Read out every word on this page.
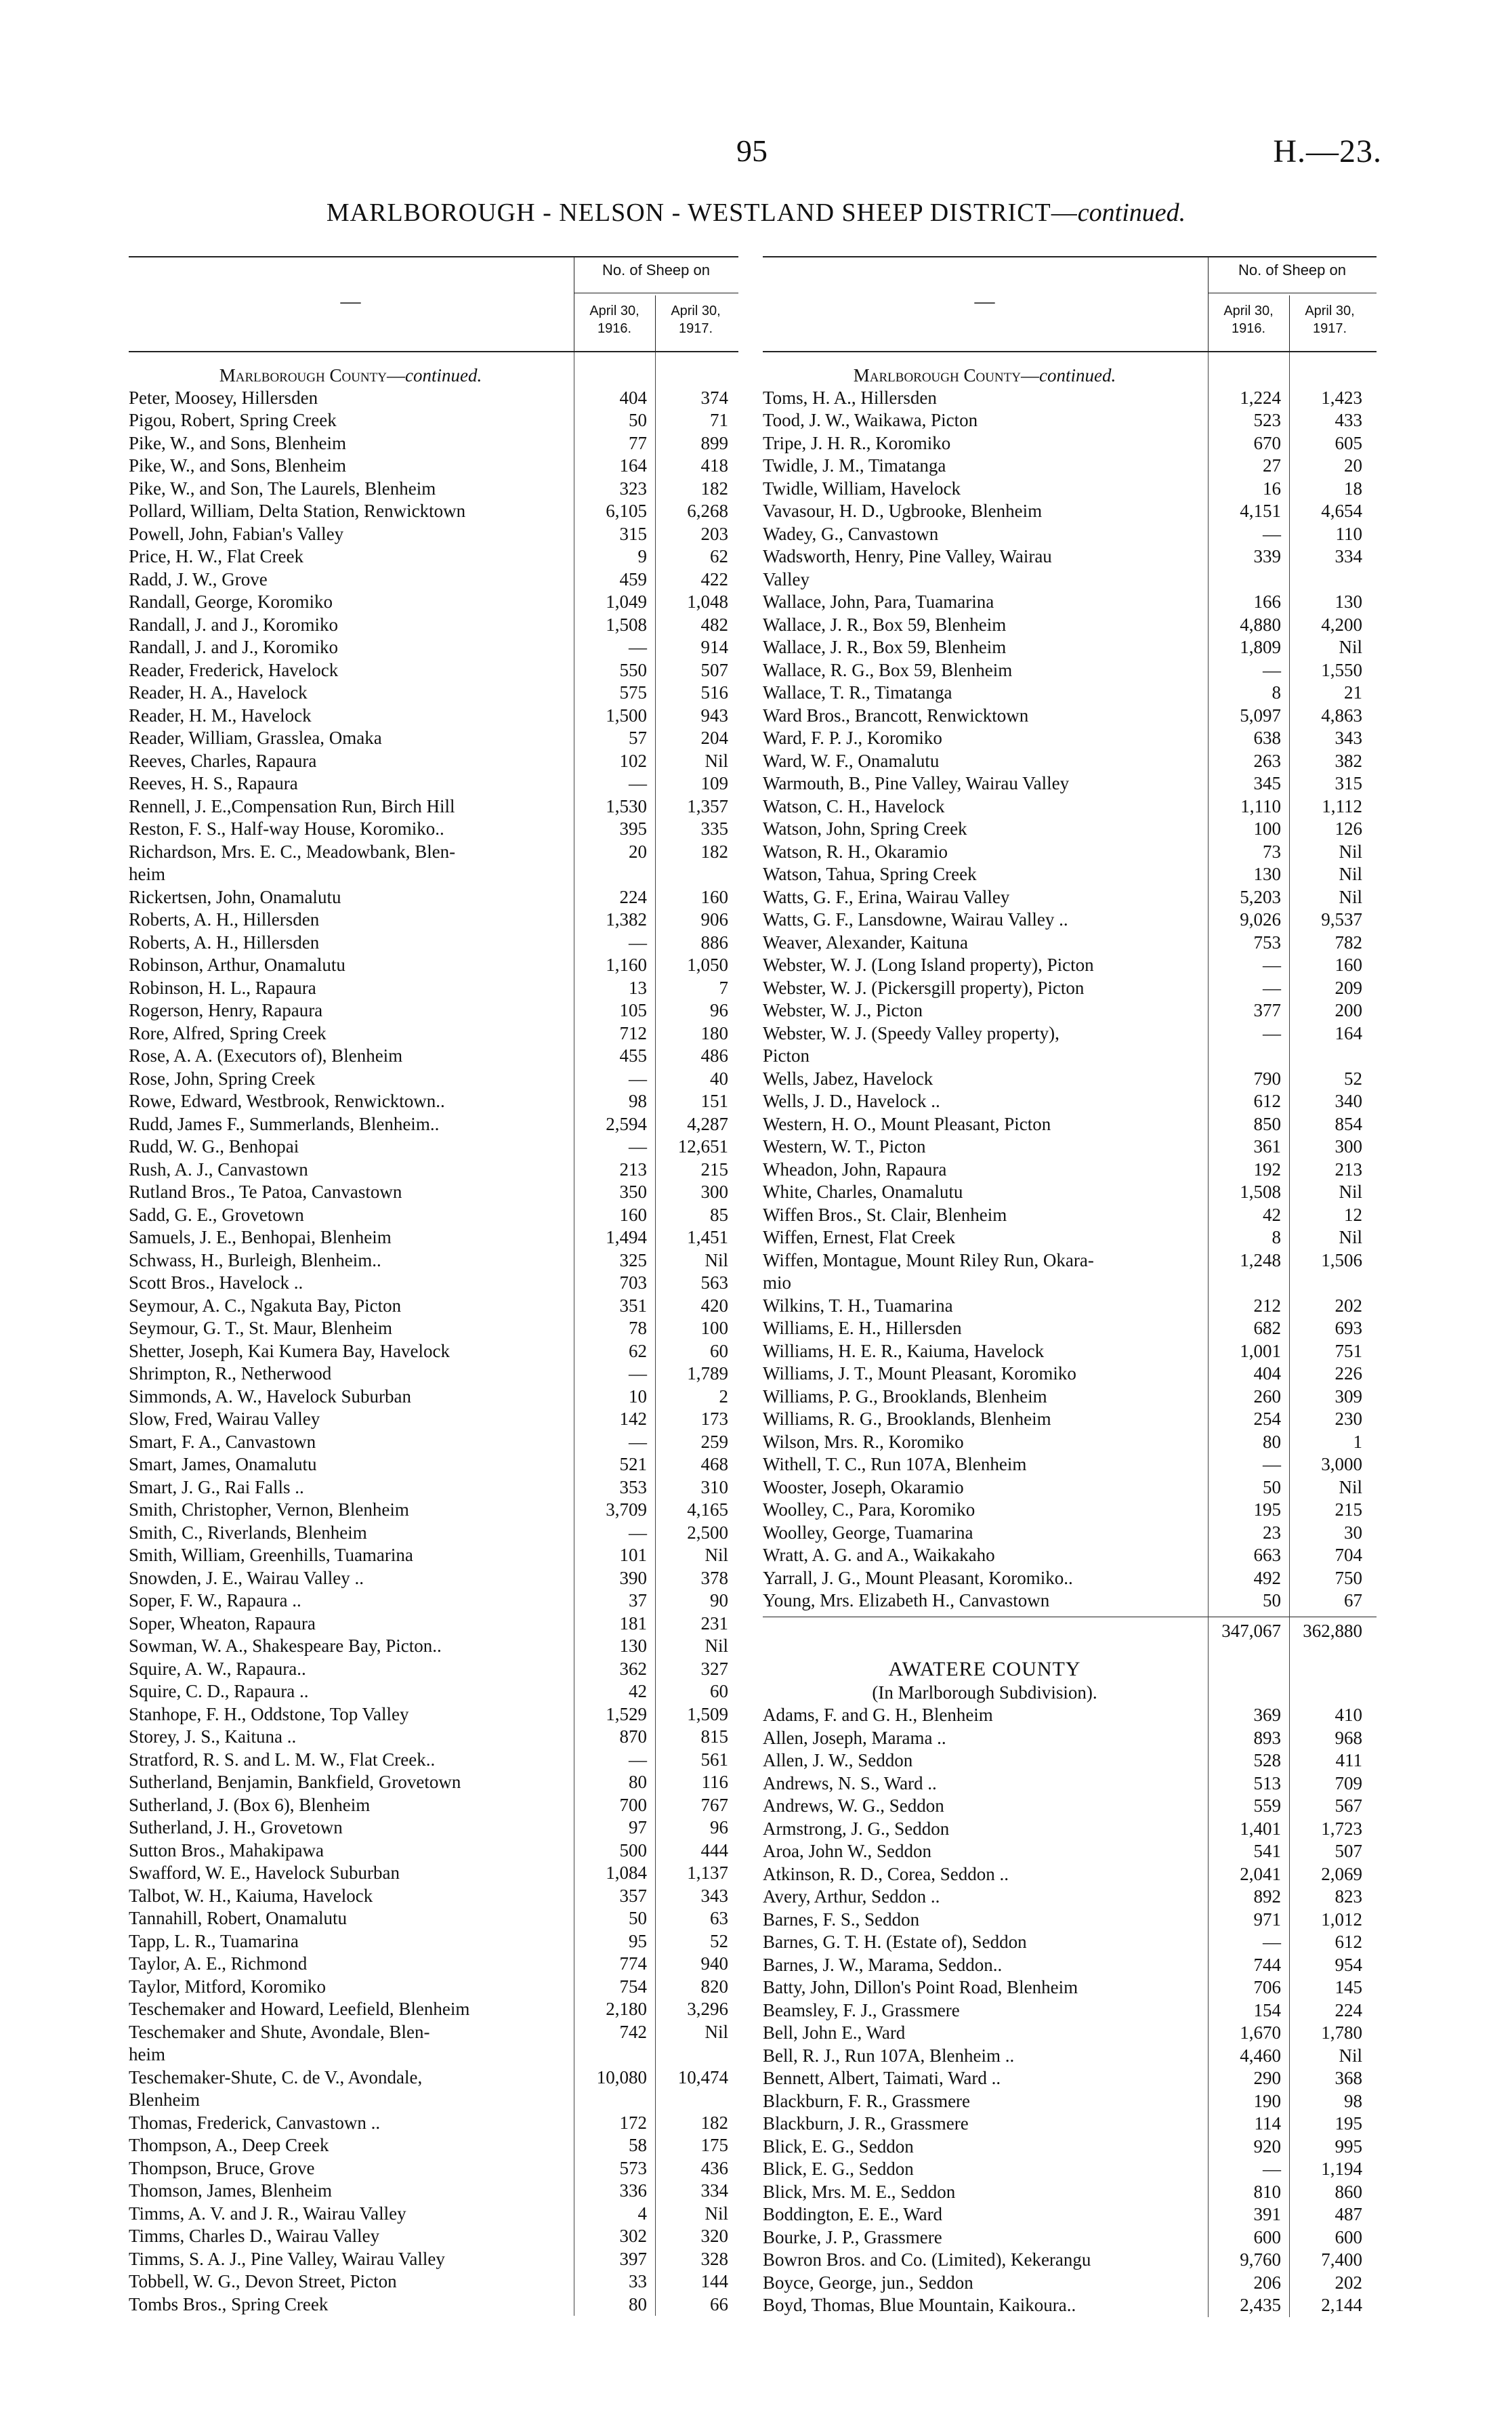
95	H.—23.
MARLBOROUGH - NELSON - WESTLAND SHEEP DISTRICT—continued.
—
No. of Sheep on
April 30,
1916.
April 30,
1917.
Marlborough County—continued.
Peter, Moosey, Hillersden	404	374
Pigou, Robert, Spring Creek	50	71
Pike, W., and Sons, Blenheim	77	899
Pike, W., and Sons, Blenheim	164	418
Pike, W., and Son, The Laurels, Blenheim	323	182
Pollard, William, Delta Station, Renwicktown	6,105	6,268
Powell, John, Fabian's Valley	315	203
Price, H. W., Flat Creek	9	62
Radd, J. W., Grove	459	422
Randall, George, Koromiko	1,049	1,048
Randall, J. and J., Koromiko	1,508	482
Randall, J. and J., Koromiko	—	914
Reader, Frederick, Havelock	550	507
Reader, H. A., Havelock	575	516
Reader, H. M., Havelock	1,500	943
Reader, William, Grasslea, Omaka	57	204
Reeves, Charles, Rapaura	102	Nil
Reeves, H. S., Rapaura	—	109
Rennell, J. E.,Compensation Run, Birch Hill	1,530	1,357
Reston, F. S., Half-way House, Koromiko..	395	335
Richardson, Mrs. E. C., Meadowbank, Blen-	20	182
heim
Rickertsen, John, Onamalutu	224	160
Roberts, A. H., Hillersden	1,382	906
Roberts, A. H., Hillersden	—	886
Robinson, Arthur, Onamalutu	1,160	1,050
Robinson, H. L., Rapaura	13	7
Rogerson, Henry, Rapaura	105	96
Rore, Alfred, Spring Creek	712	180
Rose, A. A. (Executors of), Blenheim	455	486
Rose, John, Spring Creek	—	40
Rowe, Edward, Westbrook, Renwicktown..	98	151
Rudd, James F., Summerlands, Blenheim..	2,594	4,287
Rudd, W. G., Benhopai	—	12,651
Rush, A. J., Canvastown	213	215
Rutland Bros., Te Patoa, Canvastown	350	300
Sadd, G. E., Grovetown	160	85
Samuels, J. E., Benhopai, Blenheim	1,494	1,451
Schwass, H., Burleigh, Blenheim..	325	Nil
Scott Bros., Havelock ..	703	563
Seymour, A. C., Ngakuta Bay, Picton	351	420
Seymour, G. T., St. Maur, Blenheim	78	100
Shetter, Joseph, Kai Kumera Bay, Havelock	62	60
Shrimpton, R., Netherwood	—	1,789
Simmonds, A. W., Havelock Suburban	10	2
Slow, Fred, Wairau Valley	142	173
Smart, F. A., Canvastown	—	259
Smart, James, Onamalutu	521	468
Smart, J. G., Rai Falls ..	353	310
Smith, Christopher, Vernon, Blenheim	3,709	4,165
Smith, C., Riverlands, Blenheim	—	2,500
Smith, William, Greenhills, Tuamarina	101	Nil
Snowden, J. E., Wairau Valley ..	390	378
Soper, F. W., Rapaura ..	37	90
Soper, Wheaton, Rapaura	181	231
Sowman, W. A., Shakespeare Bay, Picton..	130	Nil
Squire, A. W., Rapaura..	362	327
Squire, C. D., Rapaura ..	42	60
Stanhope, F. H., Oddstone, Top Valley	1,529	1,509
Storey, J. S., Kaituna ..	870	815
Stratford, R. S. and L. M. W., Flat Creek..	—	561
Sutherland, Benjamin, Bankfield, Grovetown	80	116
Sutherland, J. (Box 6), Blenheim	700	767
Sutherland, J. H., Grovetown	97	96
Sutton Bros., Mahakipawa	500	444
Swafford, W. E., Havelock Suburban	1,084	1,137
Talbot, W. H., Kaiuma, Havelock	357	343
Tannahill, Robert, Onamalutu	50	63
Tapp, L. R., Tuamarina	95	52
Taylor, A. E., Richmond	774	940
Taylor, Mitford, Koromiko	754	820
Teschemaker and Howard, Leefield, Blenheim	2,180	3,296
Teschemaker and Shute, Avondale, Blen-	742	Nil
heim
Teschemaker-Shute, C. de V., Avondale,	10,080	10,474
Blenheim
Thomas, Frederick, Canvastown ..	172	182
Thompson, A., Deep Creek	58	175
Thompson, Bruce, Grove	573	436
Thomson, James, Blenheim	336	334
Timms, A. V. and J. R., Wairau Valley	4	Nil
Timms, Charles D., Wairau Valley	302	320
Timms, S. A. J., Pine Valley, Wairau Valley	397	328
Tobbell, W. G., Devon Street, Picton	33	144
Tombs Bros., Spring Creek	80	66
—
No. of Sheep on
April 30,
1916.
April 30,
1917.
Marlborough County—continued.
Toms, H. A., Hillersden	1,224	1,423
Tood, J. W., Waikawa, Picton	523	433
Tripe, J. H. R., Koromiko	670	605
Twidle, J. M., Timatanga	27	20
Twidle, William, Havelock	16	18
Vavasour, H. D., Ugbrooke, Blenheim	4,151	4,654
Wadey, G., Canvastown	—	110
Wadsworth, Henry, Pine Valley, Wairau	339	334
Valley
Wallace, John, Para, Tuamarina	166	130
Wallace, J. R., Box 59, Blenheim	4,880	4,200
Wallace, J. R., Box 59, Blenheim	1,809	Nil
Wallace, R. G., Box 59, Blenheim	—	1,550
Wallace, T. R., Timatanga	8	21
Ward Bros., Brancott, Renwicktown	5,097	4,863
Ward, F. P. J., Koromiko	638	343
Ward, W. F., Onamalutu	263	382
Warmouth, B., Pine Valley, Wairau Valley	345	315
Watson, C. H., Havelock	1,110	1,112
Watson, John, Spring Creek	100	126
Watson, R. H., Okaramio	73	Nil
Watson, Tahua, Spring Creek	130	Nil
Watts, G. F., Erina, Wairau Valley	5,203	Nil
Watts, G. F., Lansdowne, Wairau Valley ..	9,026	9,537
Weaver, Alexander, Kaituna	753	782
Webster, W. J. (Long Island property), Picton	—	160
Webster, W. J. (Pickersgill property), Picton	—	209
Webster, W. J., Picton	377	200
Webster, W. J. (Speedy Valley property),	—	164
Picton
Wells, Jabez, Havelock	790	52
Wells, J. D., Havelock ..	612	340
Western, H. O., Mount Pleasant, Picton	850	854
Western, W. T., Picton	361	300
Wheadon, John, Rapaura	192	213
White, Charles, Onamalutu	1,508	Nil
Wiffen Bros., St. Clair, Blenheim	42	12
Wiffen, Ernest, Flat Creek	8	Nil
Wiffen, Montague, Mount Riley Run, Okara-	1,248	1,506
mio
Wilkins, T. H., Tuamarina	212	202
Williams, E. H., Hillersden	682	693
Williams, H. E. R., Kaiuma, Havelock	1,001	751
Williams, J. T., Mount Pleasant, Koromiko	404	226
Williams, P. G., Brooklands, Blenheim	260	309
Williams, R. G., Brooklands, Blenheim	254	230
Wilson, Mrs. R., Koromiko	80	1
Withell, T. C., Run 107A, Blenheim	—	3,000
Wooster, Joseph, Okaramio	50	Nil
Woolley, C., Para, Koromiko	195	215
Woolley, George, Tuamarina	23	30
Wratt, A. G. and A., Waikakaho	663	704
Yarrall, J. G., Mount Pleasant, Koromiko..	492	750
Young, Mrs. Elizabeth H., Canvastown	50	67
347,067	362,880
AWATERE COUNTY
(In Marlborough Subdivision).
Adams, F. and G. H., Blenheim	369	410
Allen, Joseph, Marama ..	893	968
Allen, J. W., Seddon	528	411
Andrews, N. S., Ward ..	513	709
Andrews, W. G., Seddon	559	567
Armstrong, J. G., Seddon	1,401	1,723
Aroa, John W., Seddon	541	507
Atkinson, R. D., Corea, Seddon ..	2,041	2,069
Avery, Arthur, Seddon ..	892	823
Barnes, F. S., Seddon	971	1,012
Barnes, G. T. H. (Estate of), Seddon	—	612
Barnes, J. W., Marama, Seddon..	744	954
Batty, John, Dillon's Point Road, Blenheim	706	145
Beamsley, F. J., Grassmere	154	224
Bell, John E., Ward	1,670	1,780
Bell, R. J., Run 107A, Blenheim ..	4,460	Nil
Bennett, Albert, Taimati, Ward ..	290	368
Blackburn, F. R., Grassmere	190	98
Blackburn, J. R., Grassmere	114	195
Blick, E. G., Seddon	920	995
Blick, E. G., Seddon	—	1,194
Blick, Mrs. M. E., Seddon	810	860
Boddington, E. E., Ward	391	487
Bourke, J. P., Grassmere	600	600
Bowron Bros. and Co. (Limited), Kekerangu	9,760	7,400
Boyce, George, jun., Seddon	206	202
Boyd, Thomas, Blue Mountain, Kaikoura..	2,435	2,144
